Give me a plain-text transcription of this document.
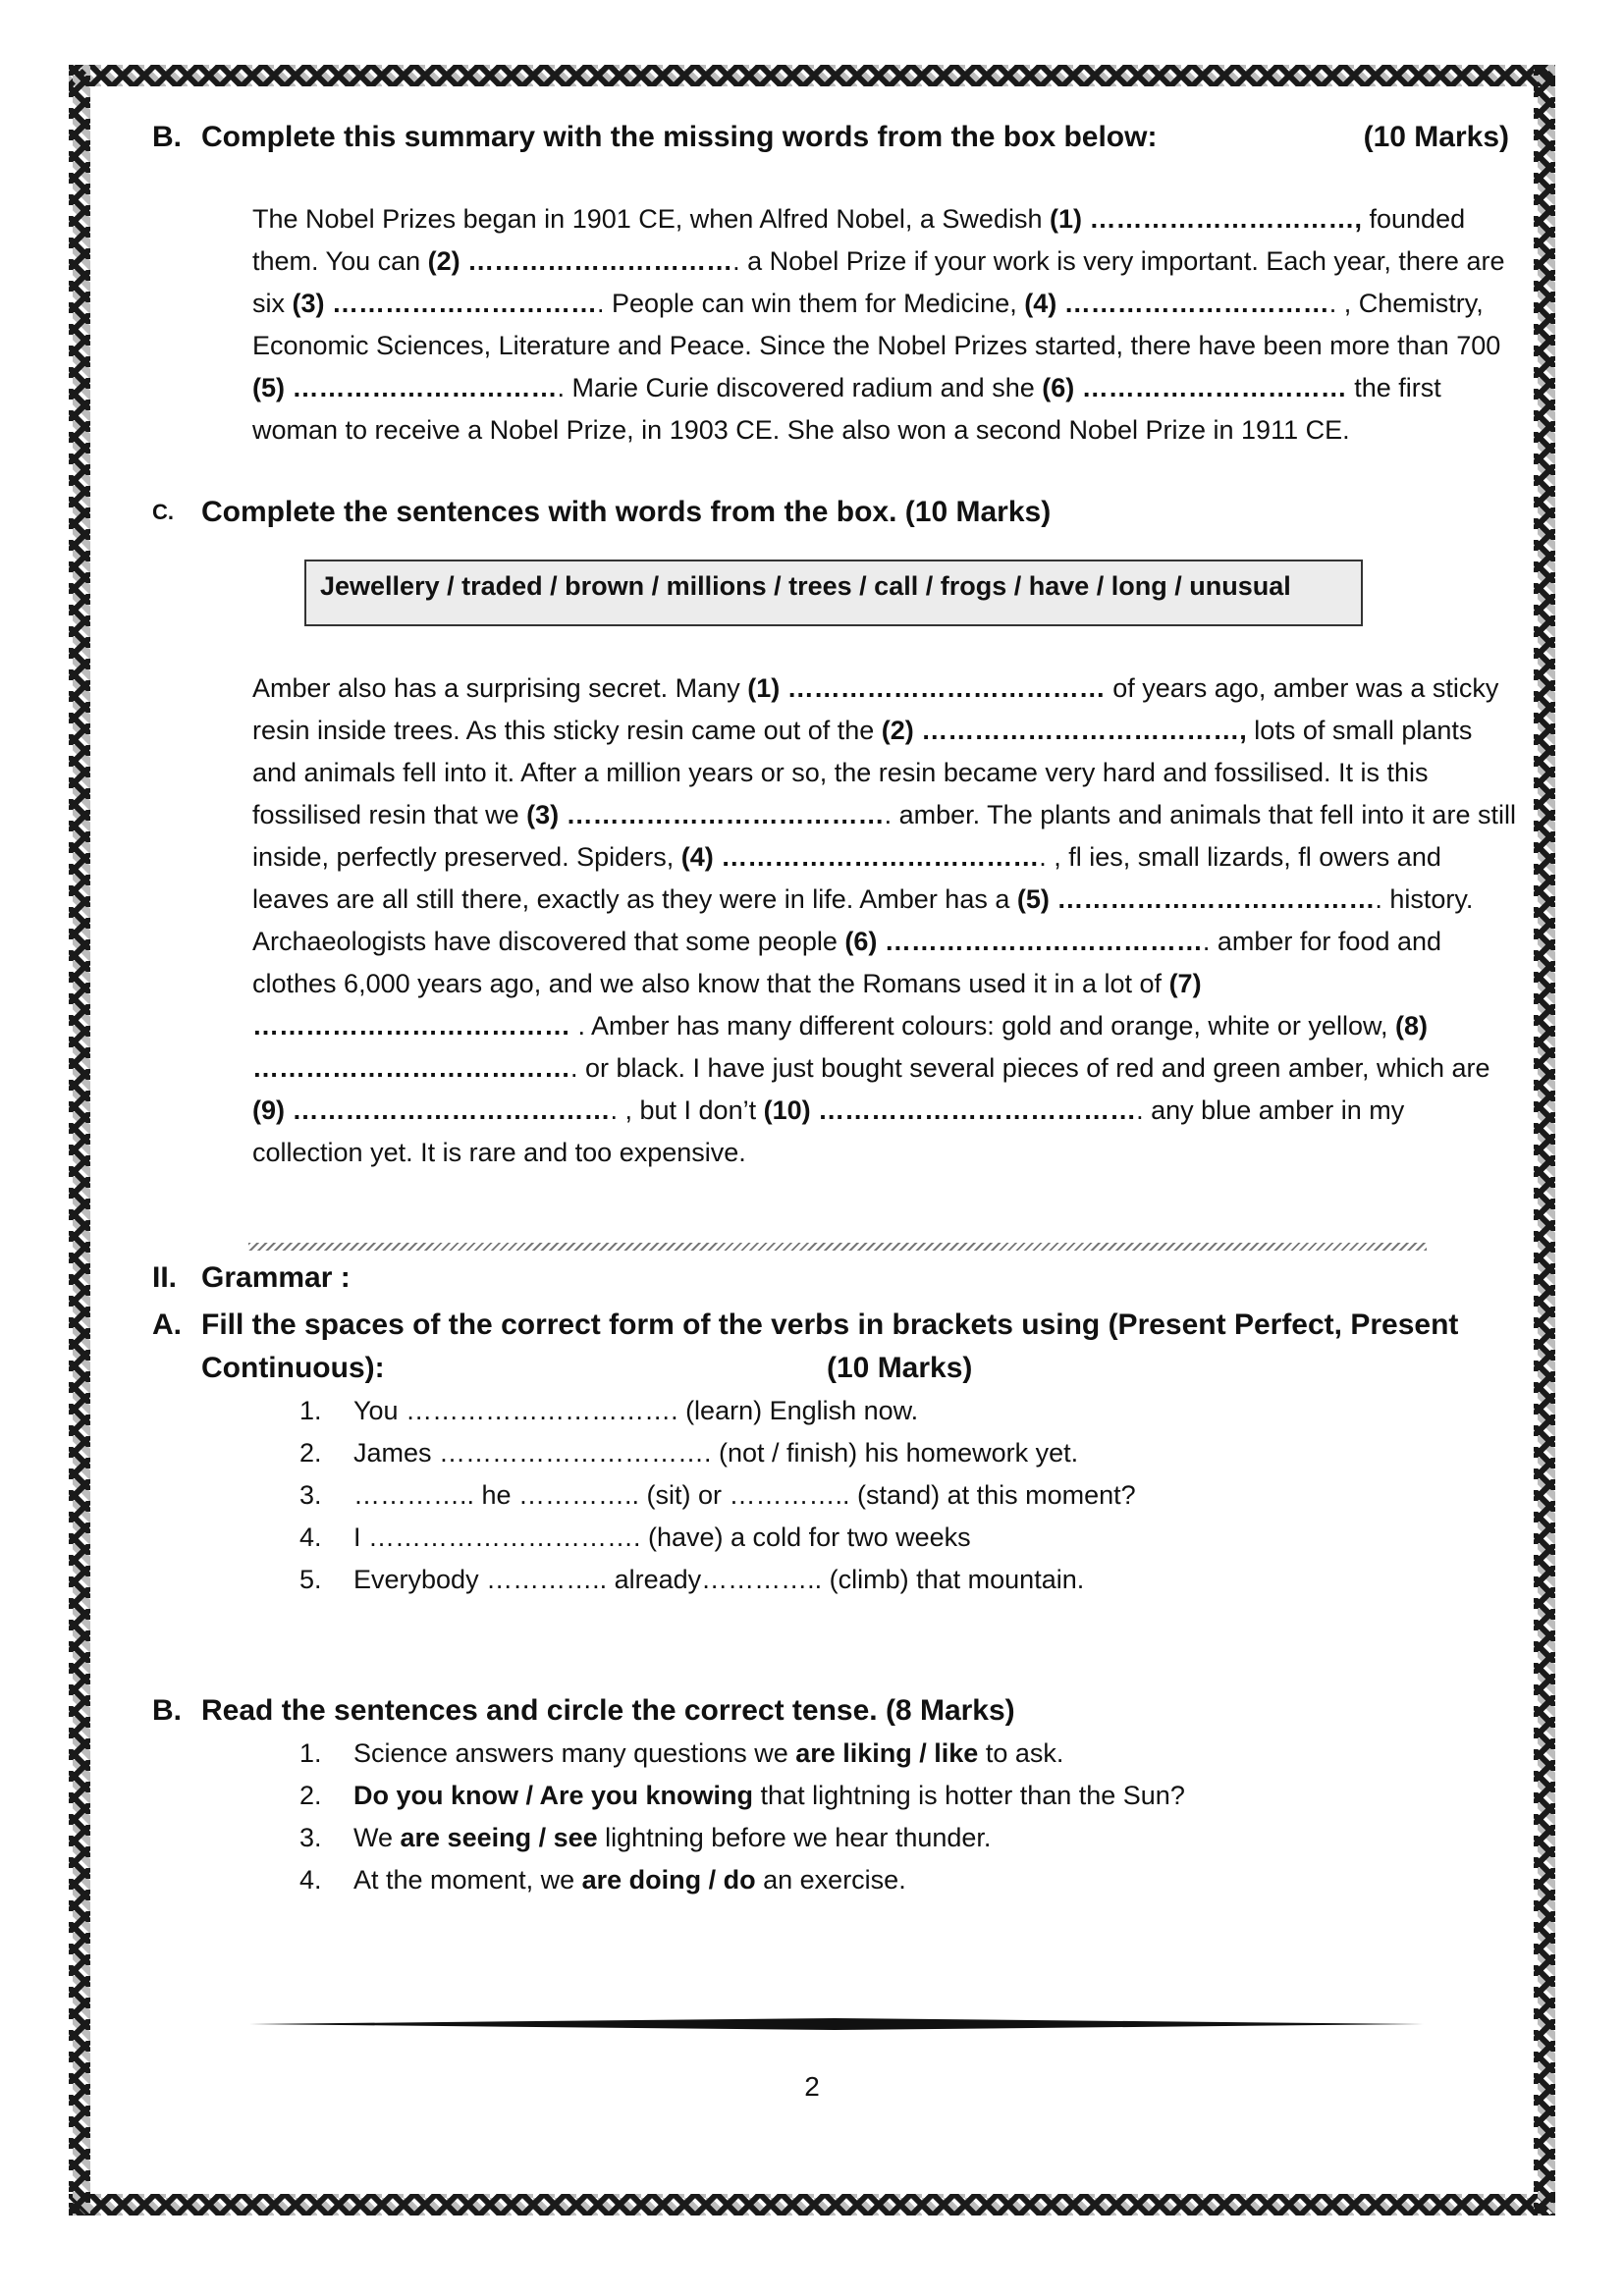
B. Complete this summary with the missing words from the box below:	(10 Marks)

The Nobel Prizes began in 1901 CE, when Alfred Nobel, a Swedish (1) …………………………, founded them. You can (2) …………………………. a Nobel Prize if your work is very important. Each year, there are six (3) …………………………. People can win them for Medicine, (4) …………………………. , Chemistry, Economic Sciences, Literature and Peace. Since the Nobel Prizes started, there have been more than 700 (5) …………………………. Marie Curie discovered radium and she (6) ………………………… the first woman to receive a Nobel Prize, in 1903 CE. She also won a second Nobel Prize in 1911 CE.

C. Complete the sentences with words from the box. (10 Marks)
Jewellery / traded / brown / millions / trees / call / frogs / have / long / unusual

Amber also has a surprising secret. Many (1) ……………………………… of years ago, amber was a sticky resin inside trees. As this sticky resin came out of the (2) ………………………………, lots of small plants and animals fell into it. After a million years or so, the resin became very hard and fossilised. It is this fossilised resin that we (3) ………………………………. amber. The plants and animals that fell into it are still inside, perfectly preserved. Spiders, (4) ………………………………. , fl ies, small lizards, fl owers and leaves are all still there, exactly as they were in life. Amber has a (5) ………………………………. history. Archaeologists have discovered that some people (6) ………………………………. amber for food and clothes 6,000 years ago, and we also know that the Romans used it in a lot of (7) ……………………………… . Amber has many different colours: gold and orange, white or yellow, (8) ………………………………. or black. I have just bought several pieces of red and green amber, which are (9) ………………………………. , but I don’t (10) ………………………………. any blue amber in my collection yet. It is rare and too expensive.

II. Grammar :
A. Fill the spaces of the correct form of the verbs in brackets using (Present Perfect, Present
Continuous):	(10 Marks)
1. You …………………………. (learn) English now.
2. James …………………………. (not / finish) his homework yet.
3. ………….. he ………….. (sit) or ………….. (stand) at this moment?
4. I …………………………. (have) a cold for two weeks
5. Everybody ………….. already………….. (climb) that mountain.
B. Read the sentences and circle the correct tense. (8 Marks)
1. Science answers many questions we are liking / like to ask.
2. Do you know / Are you knowing that lightning is hotter than the Sun?
3. We are seeing / see lightning before we hear thunder.
4. At the moment, we are doing / do an exercise.
2
